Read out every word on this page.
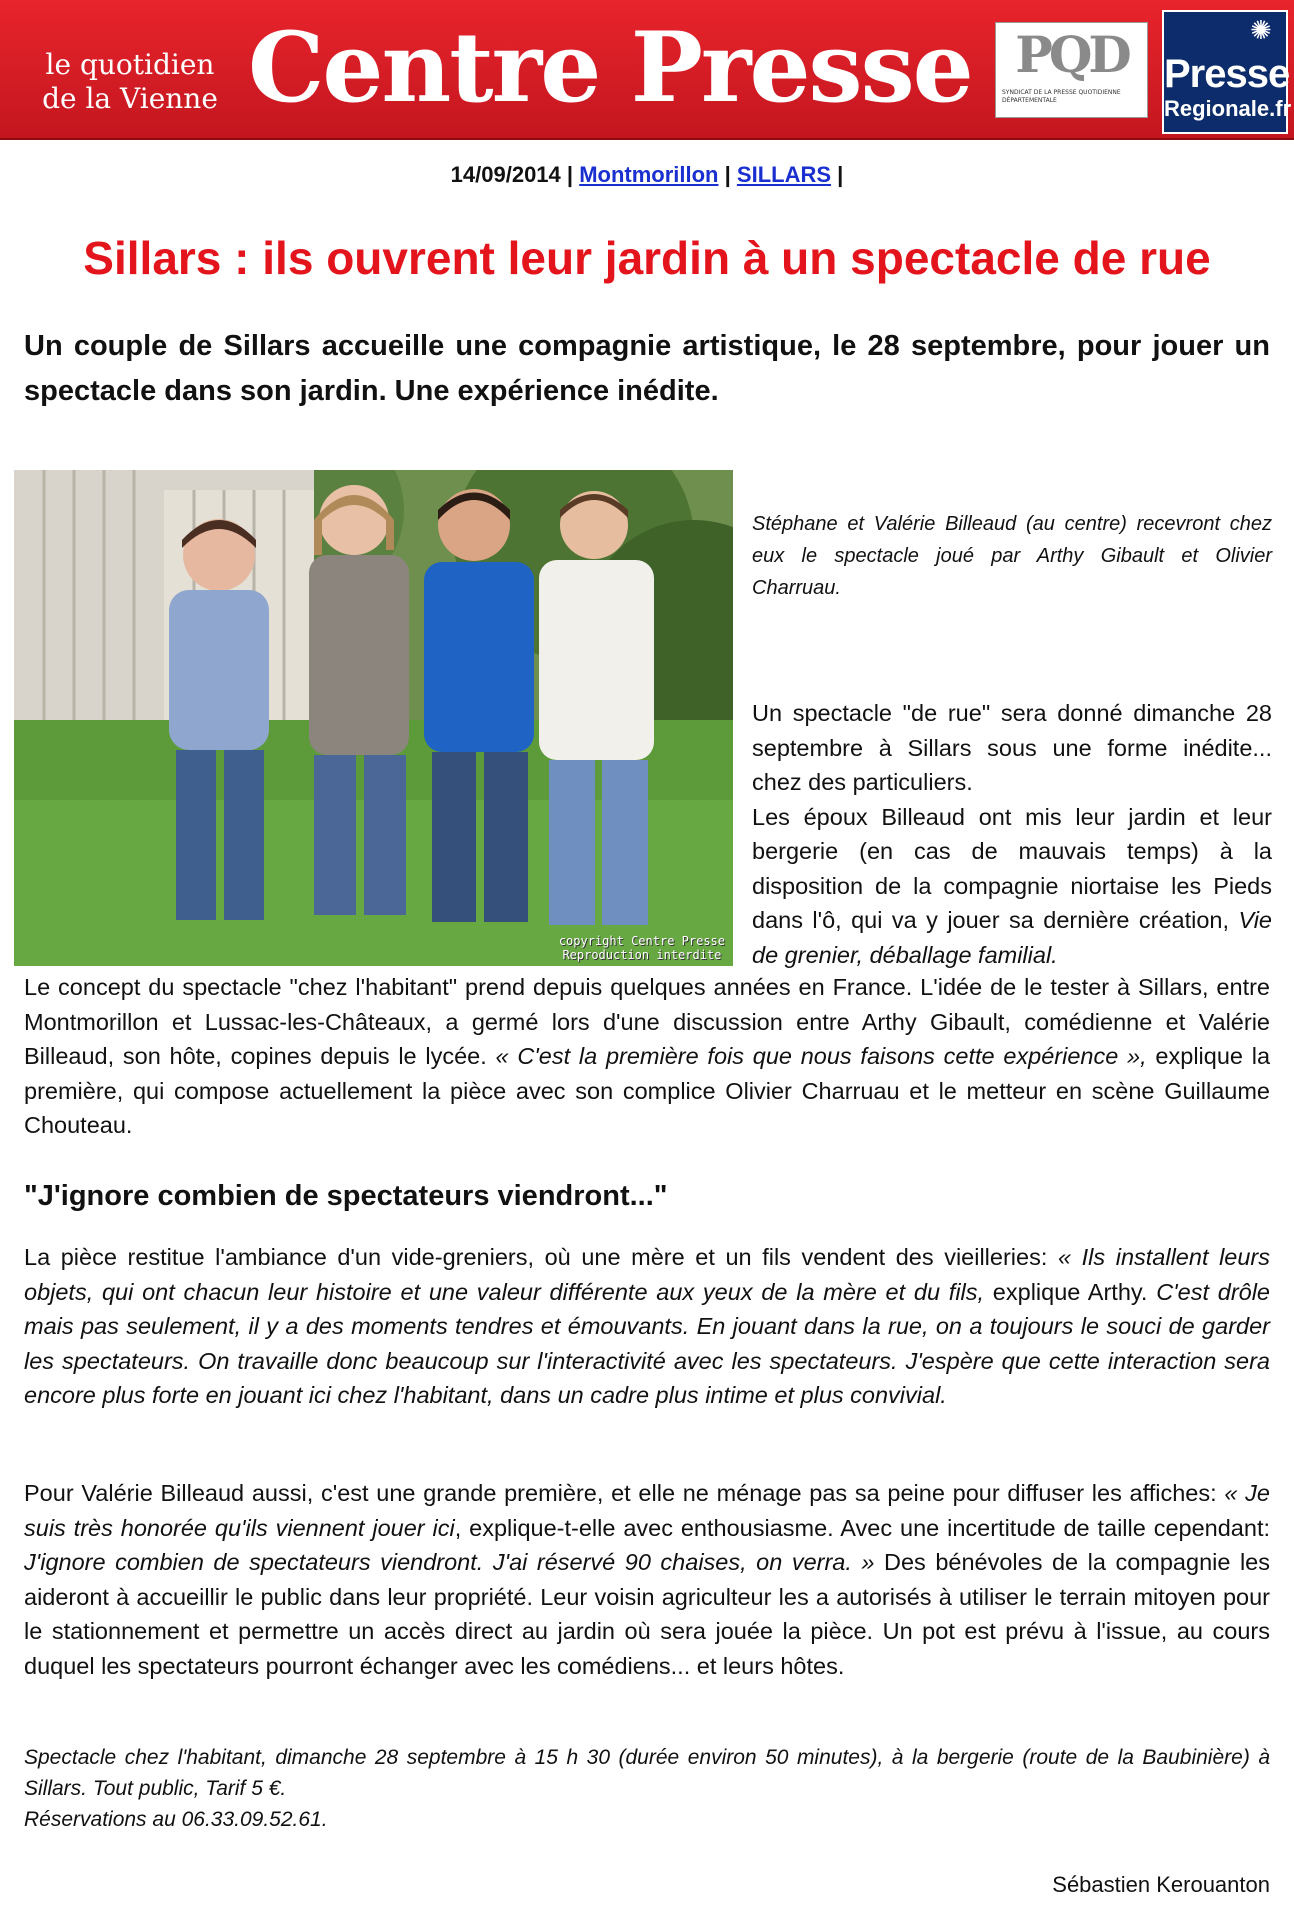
le quotidien
de la Vienne Centre Presse PQD
SYNDICAT DE LA PRESSE QUOTIDIENNE DÉPARTEMENTALE
✺
Presse
Regionale.fr
14/09/2014 | Montmorillon | SILLARS |
Sillars : ils ouvrent leur jardin à un spectacle de rue

Un couple de Sillars accueille une compagnie artistique, le 28 septembre, pour jouer un spectacle dans son jardin. Une expérience inédite.

copyright Centre Presse
Reproduction interdite

Stéphane et Valérie Billeaud (au centre) recevront chez eux le spectacle joué par Arthy Gibault et Olivier Charruau.

Un spectacle "de rue" sera donné dimanche 28 septembre à Sillars sous une forme inédite... chez des particuliers.
Les époux Billeaud ont mis leur jardin et leur bergerie (en cas de mauvais temps) à la disposition de la compagnie niortaise les Pieds dans l'ô, qui va y jouer sa dernière création, Vie de grenier, déballage familial.

Le concept du spectacle "chez l'habitant" prend depuis quelques années en France. L'idée de le tester à Sillars, entre Montmorillon et Lussac-les-Châteaux, a germé lors d'une discussion entre Arthy Gibault, comédienne et Valérie Billeaud, son hôte, copines depuis le lycée. « C'est la première fois que nous faisons cette expérience », explique la première, qui compose actuellement la pièce avec son complice Olivier Charruau et le metteur en scène Guillaume Chouteau.

"J'ignore combien de spectateurs viendront..."

La pièce restitue l'ambiance d'un vide-greniers, où une mère et un fils vendent des vieilleries: « Ils installent leurs objets, qui ont chacun leur histoire et une valeur différente aux yeux de la mère et du fils, explique Arthy. C'est drôle mais pas seulement, il y a des moments tendres et émouvants. En jouant dans la rue, on a toujours le souci de garder les spectateurs. On travaille donc beaucoup sur l'interactivité avec les spectateurs. J'espère que cette interaction sera encore plus forte en jouant ici chez l'habitant, dans un cadre plus intime et plus convivial.

Pour Valérie Billeaud aussi, c'est une grande première, et elle ne ménage pas sa peine pour diffuser les affiches: « Je suis très honorée qu'ils viennent jouer ici, explique-t-elle avec enthousiasme. Avec une incertitude de taille cependant: J'ignore combien de spectateurs viendront. J'ai réservé 90 chaises, on verra. » Des bénévoles de la compagnie les aideront à accueillir le public dans leur propriété. Leur voisin agriculteur les a autorisés à utiliser le terrain mitoyen pour le stationnement et permettre un accès direct au jardin où sera jouée la pièce. Un pot est prévu à l'issue, au cours duquel les spectateurs pourront échanger avec les comédiens... et leurs hôtes.

Spectacle chez l'habitant, dimanche 28 septembre à 15 h 30 (durée environ 50 minutes), à la bergerie (route de la Baubinière) à Sillars. Tout public, Tarif 5 €.
Réservations au 06.33.09.52.61.
Sébastien Kerouanton
